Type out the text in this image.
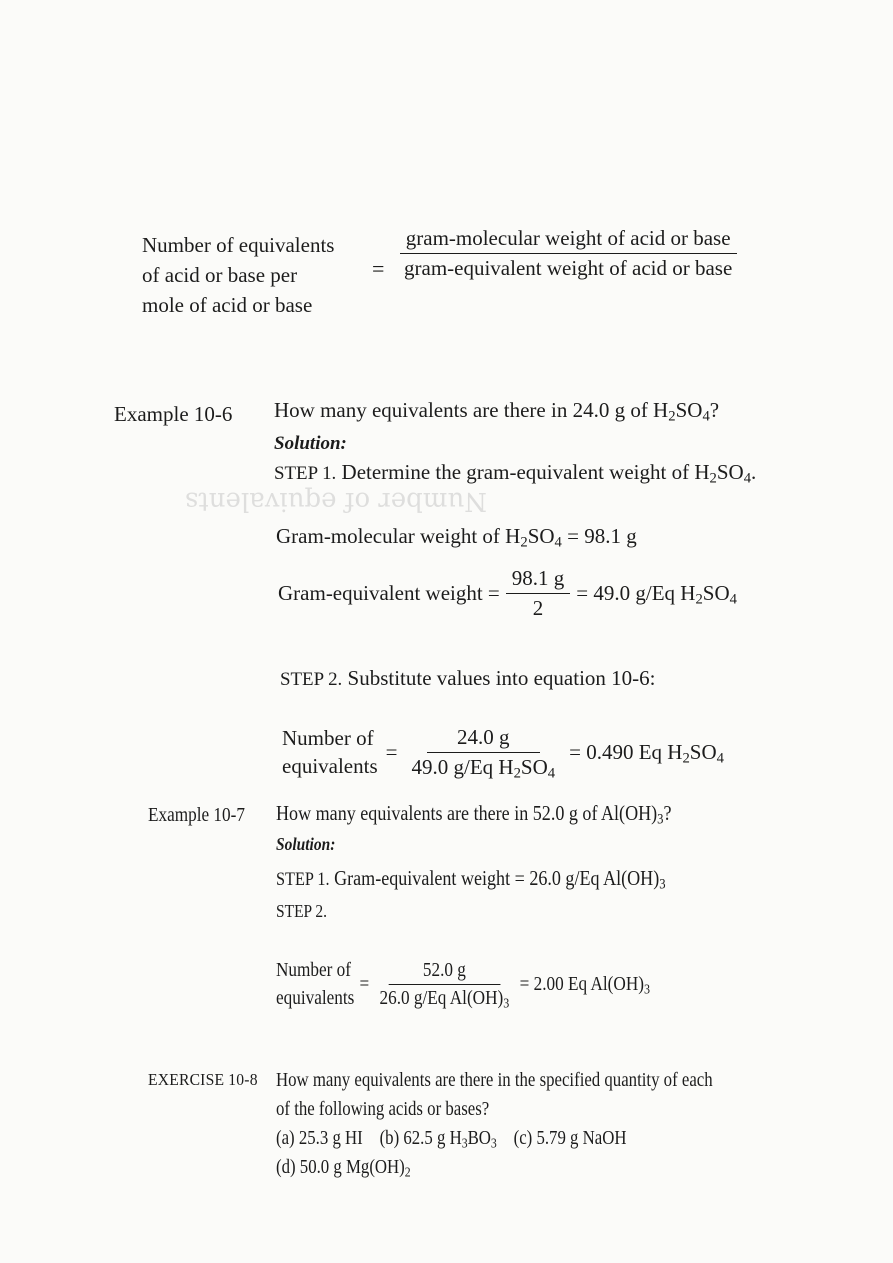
Number of equivalents
Number of equivalents
of acid or base per
mole of acid or base
= $\frac{\text{gram-molecular weight of acid or base}}{\text{gram-equivalent weight of acid or base}}$
Example 10-6 How many equivalents are there in 24.0 g of $H_2SO_4$?
Solution:
STEP 1. Determine the gram-equivalent weight of $H_2SO_4$.
Gram-molecular weight of $H_2SO_4 = 98.1$ g
Gram-equivalent weight = $\frac{98.1 g}{2} = 49.0$ g/Eq $H_2SO_4$
STEP 2. Substitute values into equation 10-6:
Number of
equivalents
= $\frac{24.0 g}{49.0 g/Eq H_2SO_4} = 0.490$ Eq $H_2SO_4$
Example 10-7 How many equivalents are there in 52.0 g of $Al(OH)_3$?
Solution:
STEP 1. Gram-equivalent weight = 26.0 g/Eq $Al(OH)_3$
STEP 2.
Number of
equivalents
= $\frac{52.0 g}{26.0 g/Eq Al(OH)_3} = 2.00$ Eq $Al(OH)_3$
EXERCISE 10-8 How many equivalents are there in the specified quantity of each
of the following acids or bases?
(a) 25.3 g HI (b) 62.5 g $H_3BO_3$ (c) 5.79 g NaOH
(d) 50.0 g $Mg(OH)_2$
